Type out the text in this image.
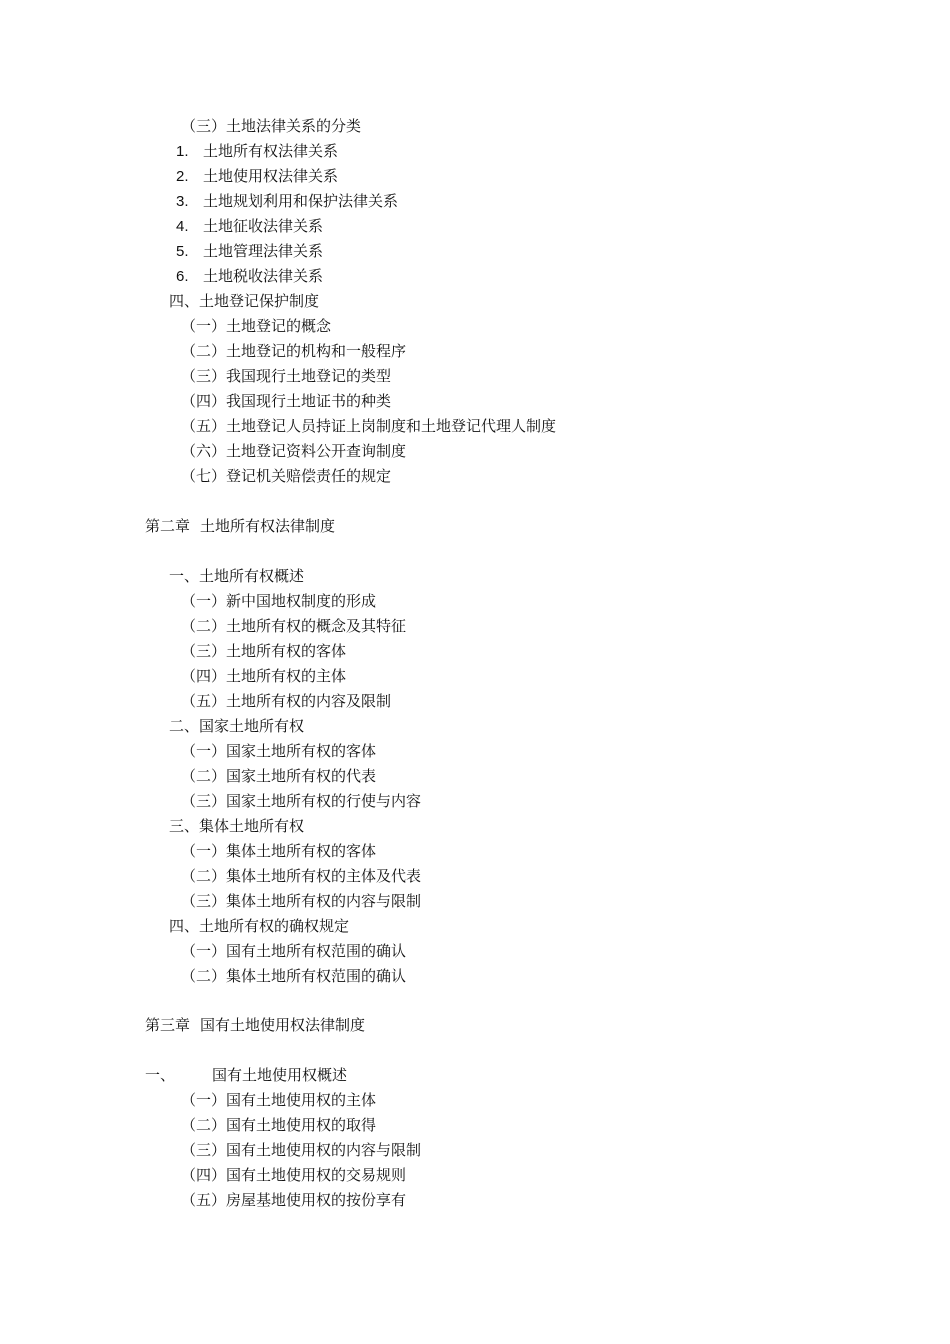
（三）土地法律关系的分类
1. 土地所有权法律关系
2. 土地使用权法律关系
3. 土地规划利用和保护法律关系
4. 土地征收法律关系
5. 土地管理法律关系
6. 土地税收法律关系
四、土地登记保护制度
（一）土地登记的概念
（二）土地登记的机构和一般程序
（三）我国现行土地登记的类型
（四）我国现行土地证书的种类
（五）土地登记人员持证上岗制度和土地登记代理人制度
（六）土地登记资料公开查询制度
（七）登记机关赔偿责任的规定
第二章 土地所有权法律制度
一、土地所有权概述
（一）新中国地权制度的形成
（二）土地所有权的概念及其特征
（三）土地所有权的客体
（四）土地所有权的主体
（五）土地所有权的内容及限制
二、国家土地所有权
（一）国家土地所有权的客体
（二）国家土地所有权的代表
（三）国家土地所有权的行使与内容
三、集体土地所有权
（一）集体土地所有权的客体
（二）集体土地所有权的主体及代表
（三）集体土地所有权的内容与限制
四、土地所有权的确权规定
（一）国有土地所有权范围的确认
（二）集体土地所有权范围的确认
第三章 国有土地使用权法律制度
一、 国有土地使用权概述
（一）国有土地使用权的主体
（二）国有土地使用权的取得
（三）国有土地使用权的内容与限制
（四）国有土地使用权的交易规则
（五）房屋基地使用权的按份享有
